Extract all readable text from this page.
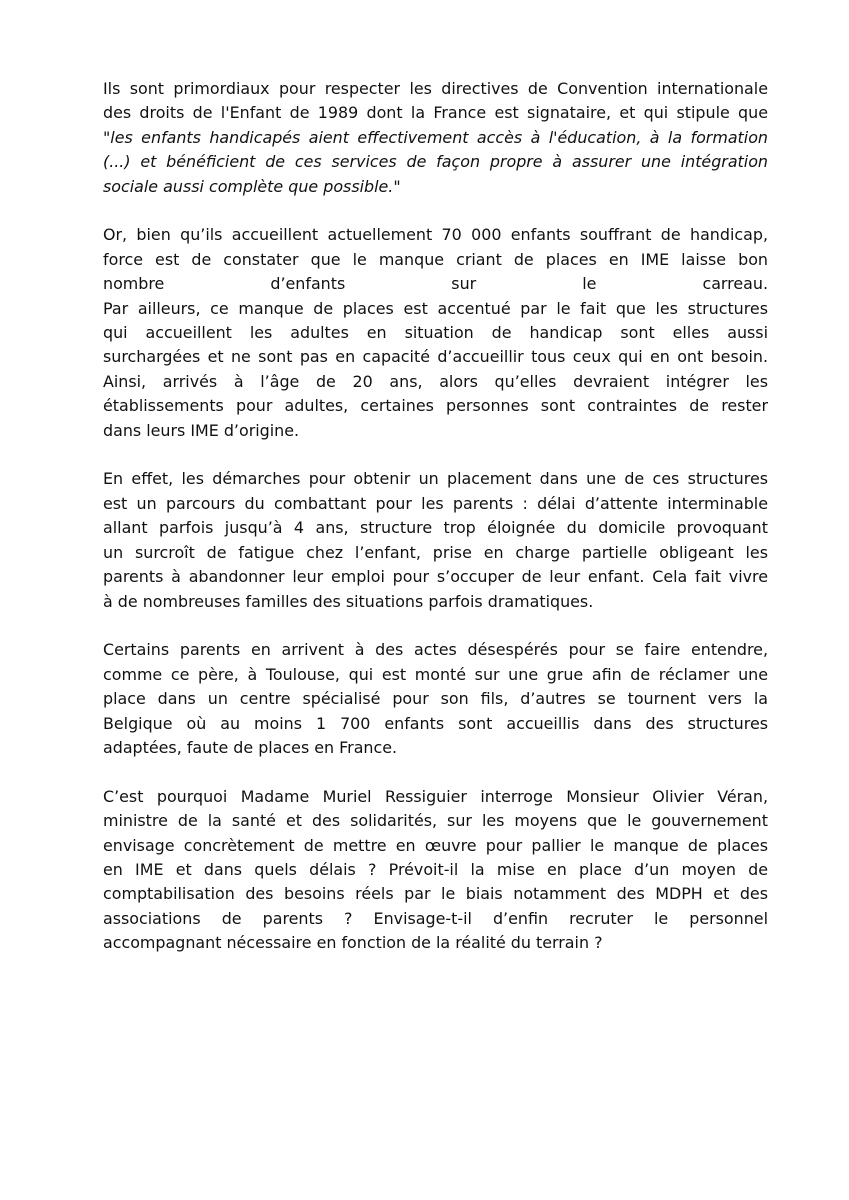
Ils sont primordiaux pour respecter les directives de Convention internationale
des droits de l'Enfant de 1989 dont la France est signataire, et qui stipule que
"les enfants handicapés aient effectivement accès à l'éducation, à la formation
(...) et bénéficient de ces services de façon propre à assurer une intégration
sociale aussi complète que possible."

Or, bien qu’ils accueillent actuellement 70 000 enfants souffrant de handicap,
force est de constater que le manque criant de places en IME laisse bon
nombre d’enfants sur le carreau.
Par ailleurs, ce manque de places est accentué par le fait que les structures
qui accueillent les adultes en situation de handicap sont elles aussi
surchargées et ne sont pas en capacité d’accueillir tous ceux qui en ont besoin.
Ainsi, arrivés à l’âge de 20 ans, alors qu’elles devraient intégrer les
établissements pour adultes, certaines personnes sont contraintes de rester
dans leurs IME d’origine.

En effet, les démarches pour obtenir un placement dans une de ces structures
est un parcours du combattant pour les parents : délai d’attente interminable
allant parfois jusqu’à 4 ans, structure trop éloignée du domicile provoquant
un surcroît de fatigue chez l’enfant, prise en charge partielle obligeant les
parents à abandonner leur emploi pour s’occuper de leur enfant. Cela fait vivre
à de nombreuses familles des situations parfois dramatiques.

Certains parents en arrivent à des actes désespérés pour se faire entendre,
comme ce père, à Toulouse, qui est monté sur une grue afin de réclamer une
place dans un centre spécialisé pour son fils, d’autres se tournent vers la
Belgique où au moins 1 700 enfants sont accueillis dans des structures
adaptées, faute de places en France.

C’est pourquoi Madame Muriel Ressiguier interroge Monsieur Olivier Véran,
ministre de la santé et des solidarités, sur les moyens que le gouvernement
envisage concrètement de mettre en œuvre pour pallier le manque de places
en IME et dans quels délais ? Prévoit-il la mise en place d’un moyen de
comptabilisation des besoins réels par le biais notamment des MDPH et des
associations de parents ? Envisage-t-il d’enfin recruter le personnel
accompagnant nécessaire en fonction de la réalité du terrain ?
